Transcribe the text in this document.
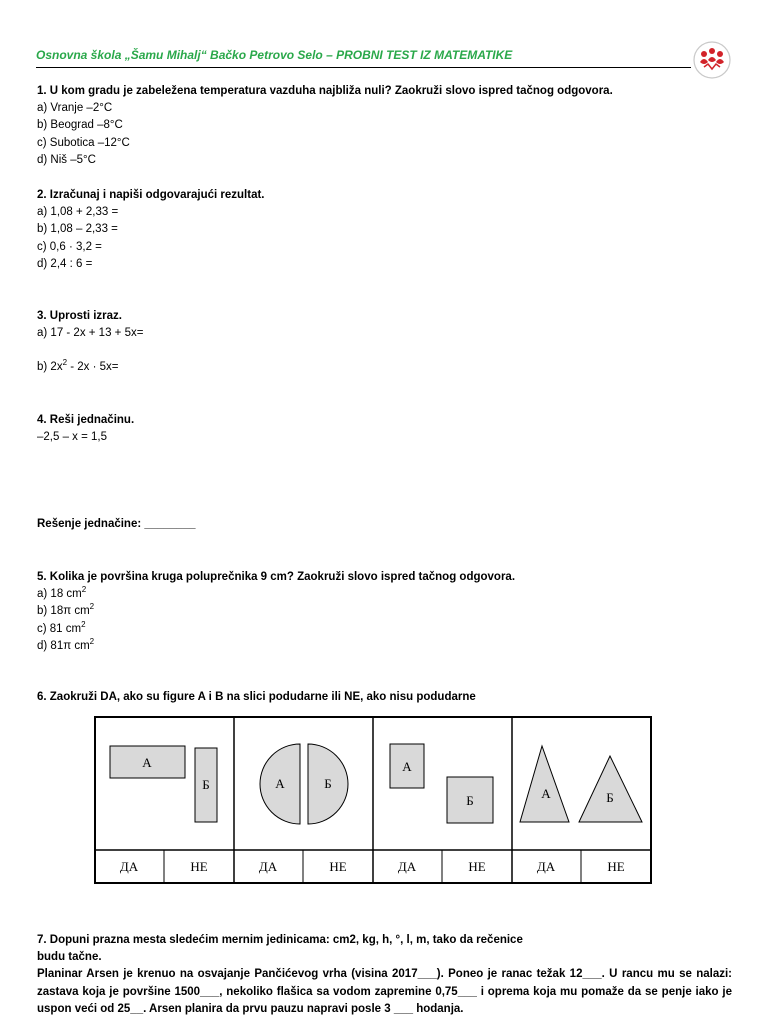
Osnovna škola „Šamu Mihalj“ Bačko Petrovo Selo – PROBNI TEST IZ MATEMATIKE
1. U kom gradu je zabeležena temperatura vazduha najbliža nuli? Zaokruži slovo ispred tačnog odgovora.
a) Vranje –2°C
b) Beograd –8°C
c) Subotica –12°C
d) Niš –5°C
2. Izračunaj i napiši odgovarajući rezultat.
a) 1,08 + 2,33 =
b) 1,08 – 2,33 =
c) 0,6 · 3,2 =
d) 2,4 : 6 =
3. Uprosti izraz.
a) 17 - 2x + 13 + 5x=
b) $2x^2 - 2x \cdot 5x=$
4. Reši jednačinu.
–2,5 – x = 1,5
Rešenje jednačine: ________
5. Kolika je površina kruga poluprečnika 9 cm? Zaokruži slovo ispred tačnog odgovora.
a) 18 $cm^2$
b) 18π $cm^2$
c) 81 $cm^2$
d) 81π $cm^2$
6. Zaokruži DA, ako su figure A i B na slici podudarne ili NE, ako nisu podudarne
А
Б	А	Б
А
Б	А	Б
ДА	НЕ	ДА	НЕ	ДА	НЕ	ДА	НЕ
7. Dopuni prazna mesta sledećim mernim jedinicama: cm2, kg, h, °, l, m, tako da rečenice
budu tačne.
Planinar Arsen je krenuo na osvajanje Pančićevog vrha (visina 2017___). Poneo je ranac težak 12___. U rancu mu se nalazi: zastava koja je površine 1500___, nekoliko flašica sa vodom zapremine 0,75___ i oprema koja mu pomaže da se penje iako je uspon veći od 25__. Arsen planira da prvu pauzu napravi posle 3 ___ hodanja.
